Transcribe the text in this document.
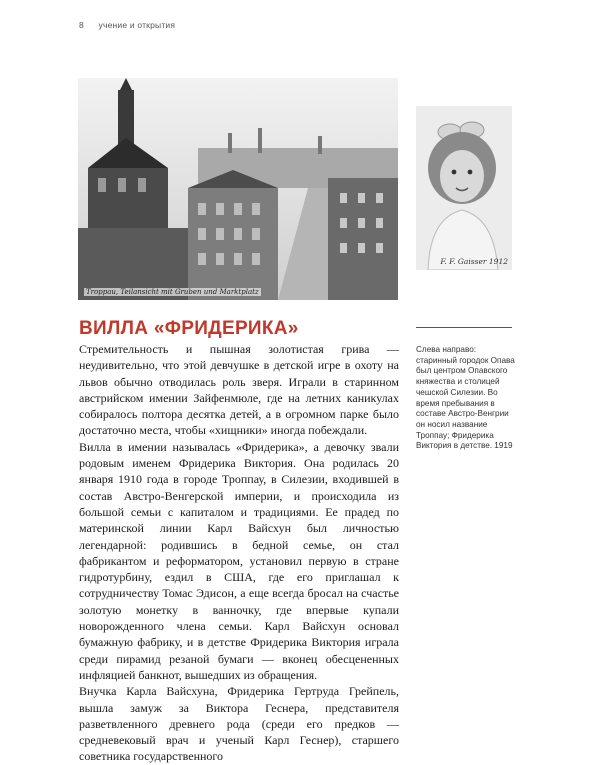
8 учение и открытия
Troppau, Teilansicht mit Gruben und Marktplatz
F. F. Gaisser 1912
ВИЛЛА «ФРИДЕРИКА»

Стремительность и пышная золотистая грива — неудивительно, что этой девчушке в детской игре в охоту на львов обычно отводилась роль зверя. Играли в старинном австрийском имении Зайфенмюле, где на летних каникулах собиралось полтора десятка детей, а в огромном парке было достаточно места, чтобы «хищники» иногда побеждали.

Вилла в имении называлась «Фридерика», а девочку звали родовым именем Фридерика Виктория. Она родилась 20 января 1910 года в городе Троппау, в Силезии, входившей в состав Австро-Венгерской империи, и происходила из большой семьи с капиталом и традициями. Ее прадед по материнской линии Карл Вайсхун был личностью легендарной: родившись в бедной семье, он стал фабрикантом и реформатором, установил первую в стране гидротурбину, ездил в США, где его приглашал к сотрудничеству Томас Эдисон, а еще всегда бросал на счастье золотую монетку в ванночку, где впервые купали новорожденного члена семьи. Карл Вайсхун основал бумажную фабрику, и в детстве Фридерика Виктория играла среди пирамид резаной бумаги — вконец обесцененных инфляцией банкнот, вышедших из обращения.

Внучка Карла Вайсхуна, Фридерика Гертруда Грейпель, вышла замуж за Виктора Геснера, представителя разветвленного древнего рода (среди его предков — средневековый врач и ученый Карл Геснер), старшего советника государственного

Слева направо: старинный городок Опава был центром Опавского княжества и столицей чешской Силезии. Во время пребывания в составе Австро-Венгрии он носил название Троппау; Фридерика Виктория в детстве. 1919
